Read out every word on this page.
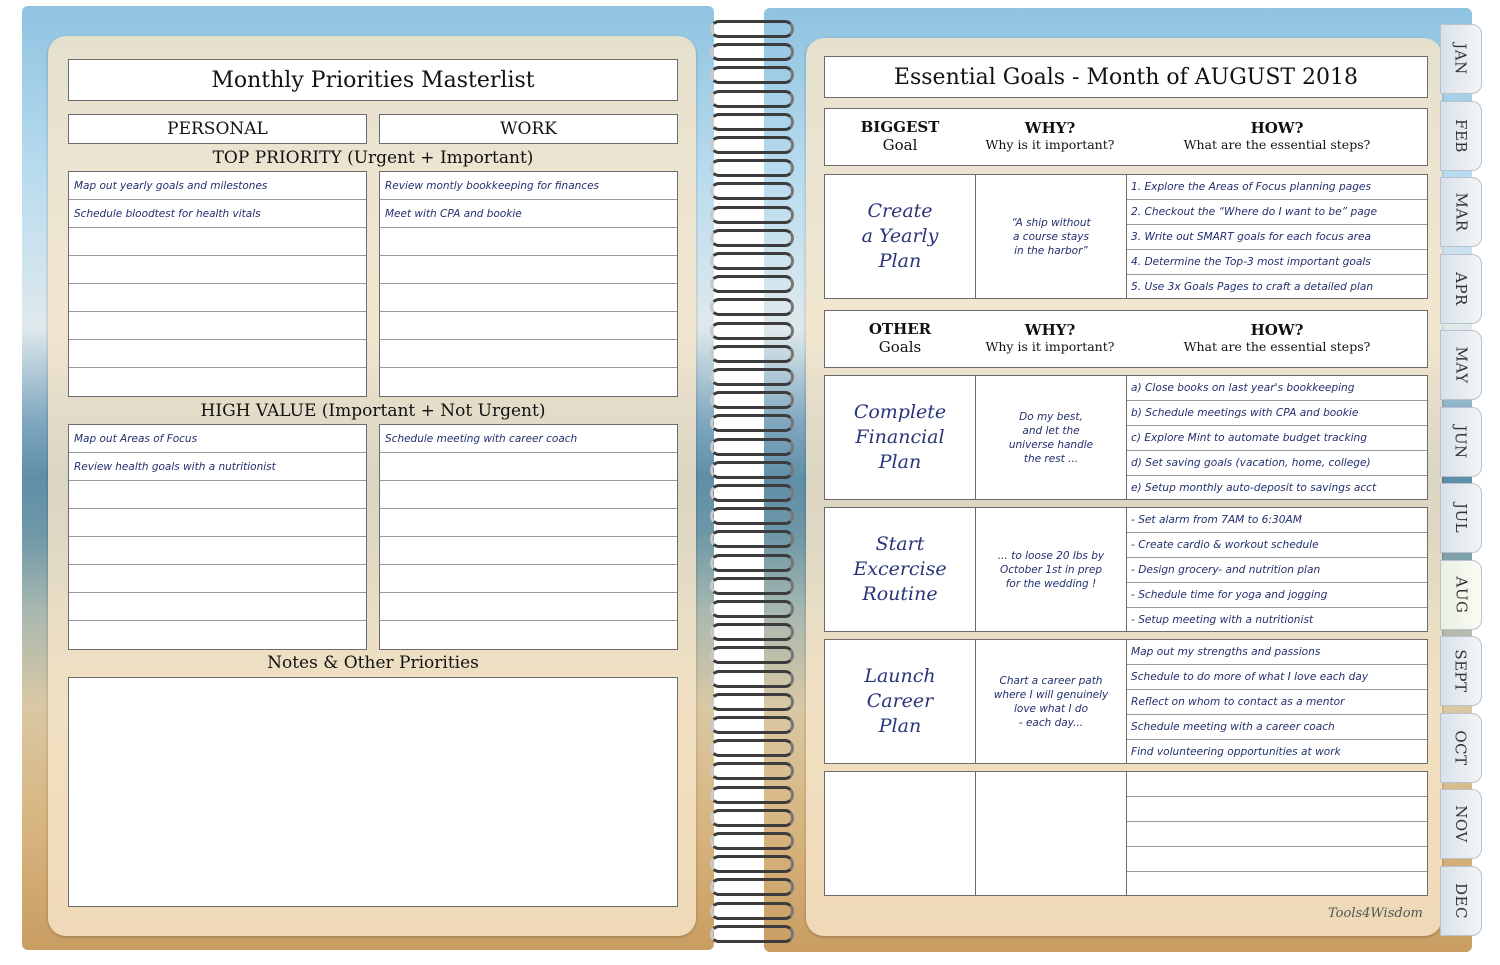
Monthly Priorities Masterlist
PERSONAL	WORK
TOP PRIORITY (Urgent + Important)
Map out yearly goals and milestones
Schedule bloodtest for health vitals
Review montly bookkeeping for finances
Meet with CPA and bookie
HIGH VALUE (Important + Not Urgent)
Map out Areas of Focus
Review health goals with a nutritionist
Schedule meeting with career coach
Notes & Other Priorities
Essential Goals - Month of AUGUST 2018
BIGGEST
Goal
WHY?
Why is it important?
HOW?
What are the essential steps?
Create
a Yearly
Plan
“A ship without
a course stays
in the harbor”
1. Explore the Areas of Focus planning pages
2. Checkout the “Where do I want to be” page
3. Write out SMART goals for each focus area
4. Determine the Top-3 most important goals
5. Use 3x Goals Pages to craft a detailed plan
OTHER
Goals
WHY?
Why is it important?
HOW?
What are the essential steps?
Complete
Financial
Plan
Do my best,
and let the
universe handle
the rest ...
a) Close books on last year's bookkeeping
b) Schedule meetings with CPA and bookie
c) Explore Mint to automate budget tracking
d) Set saving goals (vacation, home, college)
e) Setup monthly auto-deposit to savings acct
Start
Excercise
Routine
... to loose 20 lbs by
October 1st in prep
for the wedding !
- Set alarm from 7AM to 6:30AM
- Create cardio & workout schedule
- Design grocery- and nutrition plan
- Schedule time for yoga and jogging
- Setup meeting with a nutritionist
Launch
Career
Plan
Chart a career path
where I will genuinely
love what I do
- each day...
Map out my strengths and passions
Schedule to do more of what I love each day
Reflect on whom to contact as a mentor
Schedule meeting with a career coach
Find volunteering opportunities at work
Tools4Wisdom
JAN
FEB
MAR
APR
MAY
JUN
JUL
AUG
SEPT
OCT
NOV
DEC
